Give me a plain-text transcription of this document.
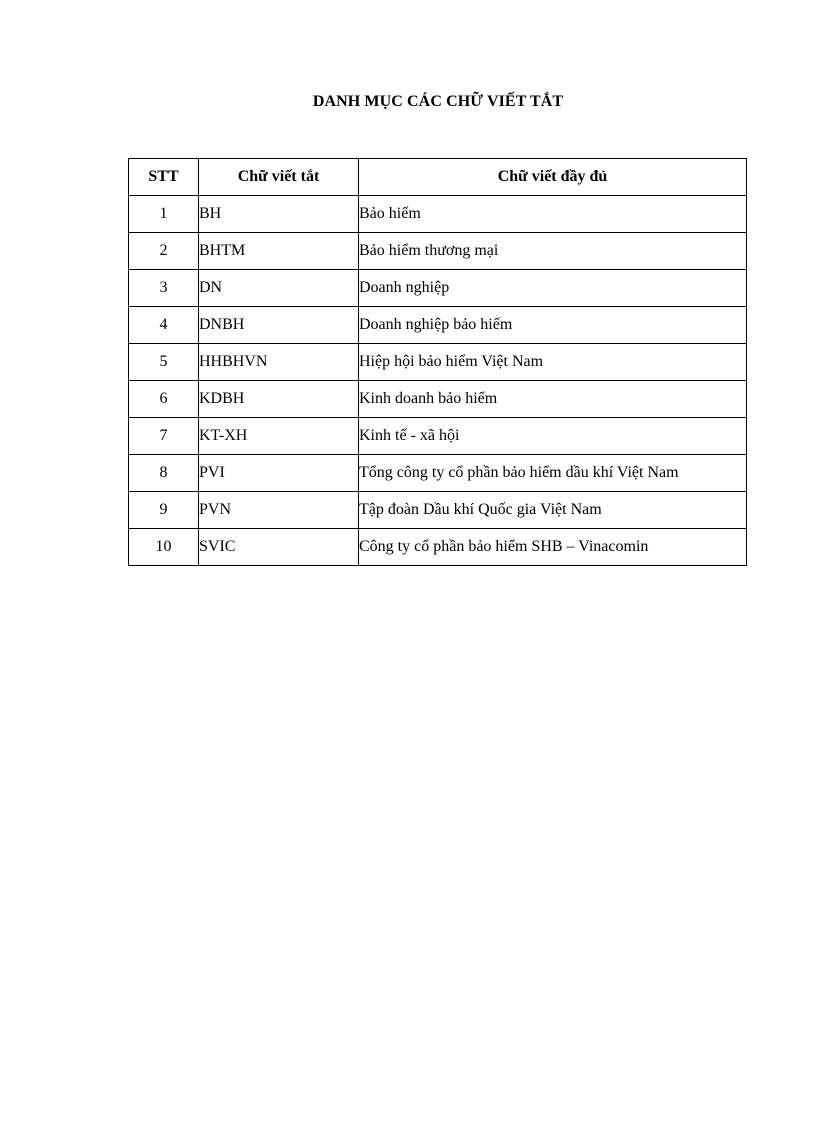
DANH MỤC CÁC CHỮ VIẾT TẮT
STT	Chữ viết tắt	Chữ viết đầy đủ
1	BH	Bảo hiểm
2	BHTM	Bảo hiểm thương mại
3	DN	Doanh nghiệp
4	DNBH	Doanh nghiệp bảo hiểm
5	HHBHVN	Hiệp hội bảo hiểm Việt Nam
6	KDBH	Kinh doanh bảo hiểm
7	KT-XH	Kinh tế - xã hội
8	PVI	Tổng công ty cổ phần bảo hiểm dầu khí Việt Nam
9	PVN	Tập đoàn Dầu khí Quốc gia Việt Nam
10	SVIC	Công ty cổ phần bảo hiểm SHB – Vinacomin
